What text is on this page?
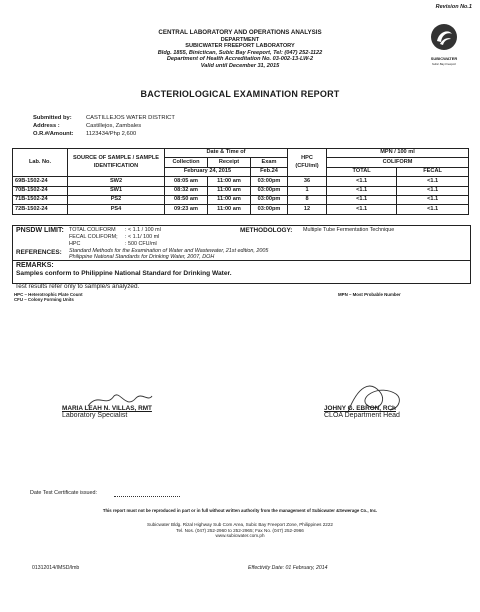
Revision No.1
CENTRAL LABORATORY AND OPERATIONS ANALYSIS
DEPARTMENT
SUBICWATER FREEPORT LABORATORY
Bldg. 1855, Binictican, Subic Bay Freeport, Tel: (047) 252-1122
Department of Health Accreditation No. 03-002-13-LW-2
Valid until December 31, 2015
SUBICWATER
Subic Bay Freeport
BACTERIOLOGICAL EXAMINATION REPORT
Submitted by: CASTILLEJOS WATER DISTRICT
Address :	Castillejos, Zambales
O.R.#/Amount: 1123434/Php 2,600
Lab. No.	SOURCE OF SAMPLE / SAMPLE IDENTIFICATION	Date & Time of			HPC (CFU/ml)	MPN / 100 ml	
		Collection	Receipt	Exam		COLIFORM	
		February 24, 2015		Feb.24		TOTAL	FECAL
69B-1502-24	SW2	08:05 am	11:00 am	03:00pm	36	<1.1	<1.1
70B-1502-24	SW1	08:32 am	11:00 am	03:00pm	1	<1.1	<1.1
71B-1502-24	PS2	08:50 am	11:00 am	03:00pm	8	<1.1	<1.1
72B-1502-24	PS4	09:23 am	11:00 am	03:00pm	12	<1.1	<1.1
PNSDW LIMIT: TOTAL COLIFORM	: < 1.1 / 100 ml
FECAL COLIFORM; : < 1.1/ 100 ml
HPC	: 500 CFU/ml
METHODOLOGY: Multiple Tube Fermentation Technique
REFERENCES: Standard Methods for the Examination of Water and Wastewater, 21st edition, 2005
Philippine National Standards for Drinking Water, 2007, DOH
REMARKS:
Samples conform to Philippine National Standard for Drinking Water.
Test results refer only to sample/s analyzed.
HPC – Heterotrophic Plate Count
CFU – Colony Forming Units
MPN – Most Probable Number
MARIA LEAH N. VILLAS, RMT
Laboratory Specialist
JOHNY G. EBRON, RCh
CLOA Department Head
Date Test Certificate issued:
This report must not be reproduced in part or in full without written authority from the management of Subicwater &Sewerage Co., Inc.
Subicwater Bldg. Rizal Highway Sub Com Area, Subic Bay Freeport Zone, Philippines 2222
Tel. Nos. (047) 252-2960 to 252-2965; Fax No. (047) 252-2966
www.subicwater.com.ph
01312014/IMSD/lmb	Effectivity Date: 01 February, 2014
